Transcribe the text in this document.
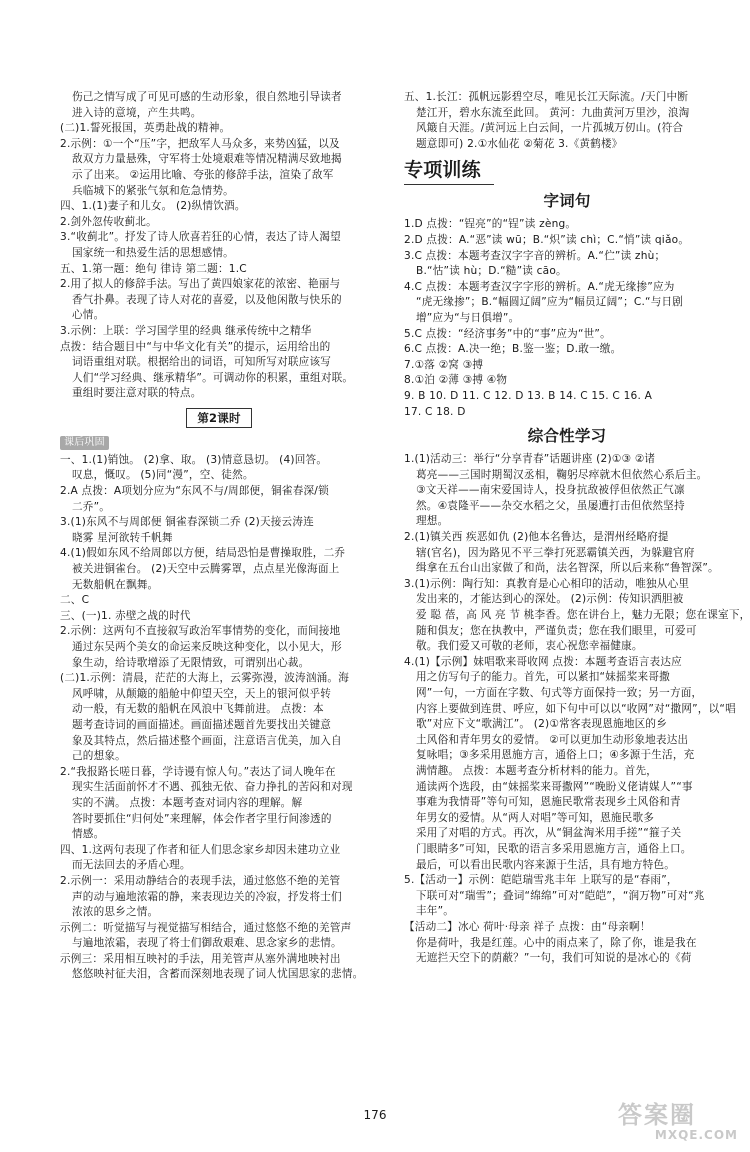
伤己之情写成了可见可感的生动形象，很自然地引导读者
进入诗的意境，产生共鸣。
(二)1.誓死报国，英勇赴战的精神。
2.示例：①一个“压”字，把敌军人马众多，来势凶猛，以及
敌双方力量悬殊，守军将士处境艰难等情况精满尽致地揭
示了出来。 ②运用比喻、夸张的修辞手法，渲染了敌军
兵临城下的紧张气氛和危急情势。
四、1.(1)妻子和儿女。 (2)纵情饮酒。
2.剑外忽传收蓟北。
3.“收蓟北”。抒发了诗人欣喜若狂的心情，表达了诗人渴望
国家统一和热爱生活的思想感情。
五、1.第一题：绝句 律诗 第二题：1.C
2.用了拟人的修辞手法。写出了黄四娘家花的浓密、艳丽与
香气扑鼻。表现了诗人对花的喜爱，以及他闲散与快乐的
心情。
3.示例：上联：学习国学里的经典 继承传统中之精华
点拨：结合题目中“与中华文化有关”的提示，运用给出的
词语重组对联。根据给出的词语，可知所写对联应该写
人们“学习经典、继承精华”。可调动你的积累，重组对联。
重组时要注意对联的特点。
第2课时
课后巩固
一、1.(1)销蚀。 (2)拿、取。 (3)情意恳切。 (4)回答。
叹息，慨叹。 (5)同“漫”，空、徒然。
2.A 点拨：A项划分应为“东风不与/周郎便，铜雀春深/锁
二乔”。
3.(1)东风不与周郎便 铜雀春深锁二乔 (2)天接云涛连
晓雾 星河欲转千帆舞
4.(1)假如东风不给周郎以方便，结局恐怕是曹操取胜，二乔
被关进铜雀台。 (2)天空中云腾雾罩，点点星光像海面上
无数船帆在飘舞。
二、C
三、(一)1. 赤壁之战的时代
2.示例：这两句不直接叙写政治军事情势的变化，而间接地
通过东吴两个美女的命运来反映这种变化，以小见大，形
象生动，给诗歌增添了无限情致，可谓别出心裁。
(二)1.示例：清晨，茫茫的大海上，云雾弥漫，波涛汹涌。海
风呼啸，从颠簸的船舱中仰望天空，天上的银河似乎转
动一般，有无数的船帆在风浪中飞舞前进。 点拨：本
题考查诗词的画面描述。画面描述题首先要找出关键意
象及其特点，然后描述整个画面，注意语言优美，加入自
己的想象。
2.“我报路长嗟日暮，学诗谩有惊人句。”表达了词人晚年在
现实生活面前怀才不遇、孤独无依、奋力挣扎的苦闷和对现
实的不满。 点拨：本题考查对词内容的理解。解
答时要抓住“归何处”来理解，体会作者字里行间渗透的
情感。
四、1.这两句表现了作者和征人们思念家乡却因未建功立业
而无法回去的矛盾心理。
2.示例一：采用动静结合的表现手法，通过悠悠不绝的羌管
声的动与遍地浓霜的静，来表现边关的冷寂，抒发将士们
浓浓的思乡之情。
示例二：听觉描写与视觉描写相结合，通过悠悠不绝的羌管声
与遍地浓霜，表现了将士们御敌艰难、思念家乡的悲情。
示例三：采用相互映衬的手法，用羌管声从塞外满地映衬出
悠悠映衬征夫泪，含蓄而深刻地表现了词人忧国思家的悲情。
五、1.长江：孤帆远影碧空尽，唯见长江天际流。/天门中断
楚江开，碧水东流至此回。 黄河：九曲黄河万里沙，浪淘
风簸自天涯。/黄河远上白云间，一片孤城万仞山。(符合
题意即可) 2.①水仙花 ②菊花 3.《黄鹤楼》
专项训练
字词句
1.D 点拨：“锃亮”的“锃”读 zèng。
2.D 点拨：A.“恶”读 wū；B.“炽”读 chì；C.“悄”读 qiǎo。
3.C 点拨：本题考查汉字字音的辨析。A.“伫”读 zhù；
B.“怙”读 hù；D.“糙”读 cāo。
4.C 点拨：本题考查汉字字形的辨析。A.“虎无缘掺”应为
“虎无缘掺”；B.“幅圆辽阔”应为“幅员辽阔”；C.“与日剧
增”应为“与日俱增”。
5.C 点拨：“经济事务”中的“事”应为“世”。
6.C 点拨：A.决一绝；B.鉴一鉴；D.敢一缴。
7.①落 ②窝 ③搏
8.①泊 ②薄 ③搏 ④物
9. B 10. D 11. C 12. D 13. B 14. C 15. C 16. A
17. C 18. D
综合性学习
1.(1)活动三：举行“分享青春”话题讲座 (2)①③ ②诸
葛亮——三国时期蜀汉丞相，鞠躬尽瘁就木但依然心系后主。
③文天祥——南宋爱国诗人，投身抗敌被俘但依然正气凛
然。④袁隆平——杂交水稻之父，虽屡遭打击但依然坚持
理想。
2.(1)镇关西 疾恶如仇 (2)他本名鲁达，是渭州经略府提
辖(官名)，因为路见不平三拳打死恶霸镇关西，为躲避官府
缉拿在五台山出家做了和尚，法名智深，所以后来称“鲁智深”。
3.(1)示例：陶行知：真教育是心心相印的活动，唯独从心里
发出来的，才能达到心的深处。 (2)示例：传知识洒胆被
爱 聪 蓓，高 风 亮 节 桃李香。您在讲台上，魅力无限；您在课室下，
随和俱友；您在执教中，严谨负责；您在我们眼里，可爱可
敬。我们爱又可敬的老师，衷心祝您幸福健康。
4.(1)【示例】妹唱歌来哥收网 点拨：本题考查语言表达应
用之仿写句子的能力。首先，可以紧扣“妹摇桨来哥撒
网”一句，一方面在字数、句式等方面保持一致；另一方面，
内容上要做到连贯、呼应，如下句中可以以“收网”对“撒网”，以“唱
歌”对应下文“歌满江”。 (2)①常客表现恩施地区的乡
土风俗和青年男女的爱情。 ②可以更加生动形象地表达出
复咏唱；③多采用恩施方言，通俗上口；④多源于生活，充
满情趣。 点拨：本题考查分析材料的能力。首先，
通读两个选段，由“妹摇桨来哥撒网”“晚盼义佬请媒人”“事
事难为我情哥”等句可知，恩施民歌常表现乡土风俗和青
年男女的爱情。从“两人对唱”等可知，恩施民歌多
采用了对唱的方式。再次，从“铜盆淘米用手搓”“箍子关
门眼睛多”可知，民歌的语言多采用恩施方言，通俗上口。
最后，可以看出民歌内容来源于生活，具有地方特色。
5.【活动一】示例：皑皑瑞雪兆丰年 上联写的是“春雨”，
下联可对“瑞雪”；叠词“绵绵”可对“皑皑”，“润万物”可对“兆
丰年”。
【活动二】冰心 荷叶·母亲 祥子 点拨：由“母亲啊！
你是荷叶，我是红莲。心中的雨点来了，除了你，谁是我在
无遮拦天空下的荫蔽？”一句，我们可知说的是冰心的《荷
176	答案圈
MXQE.COM
